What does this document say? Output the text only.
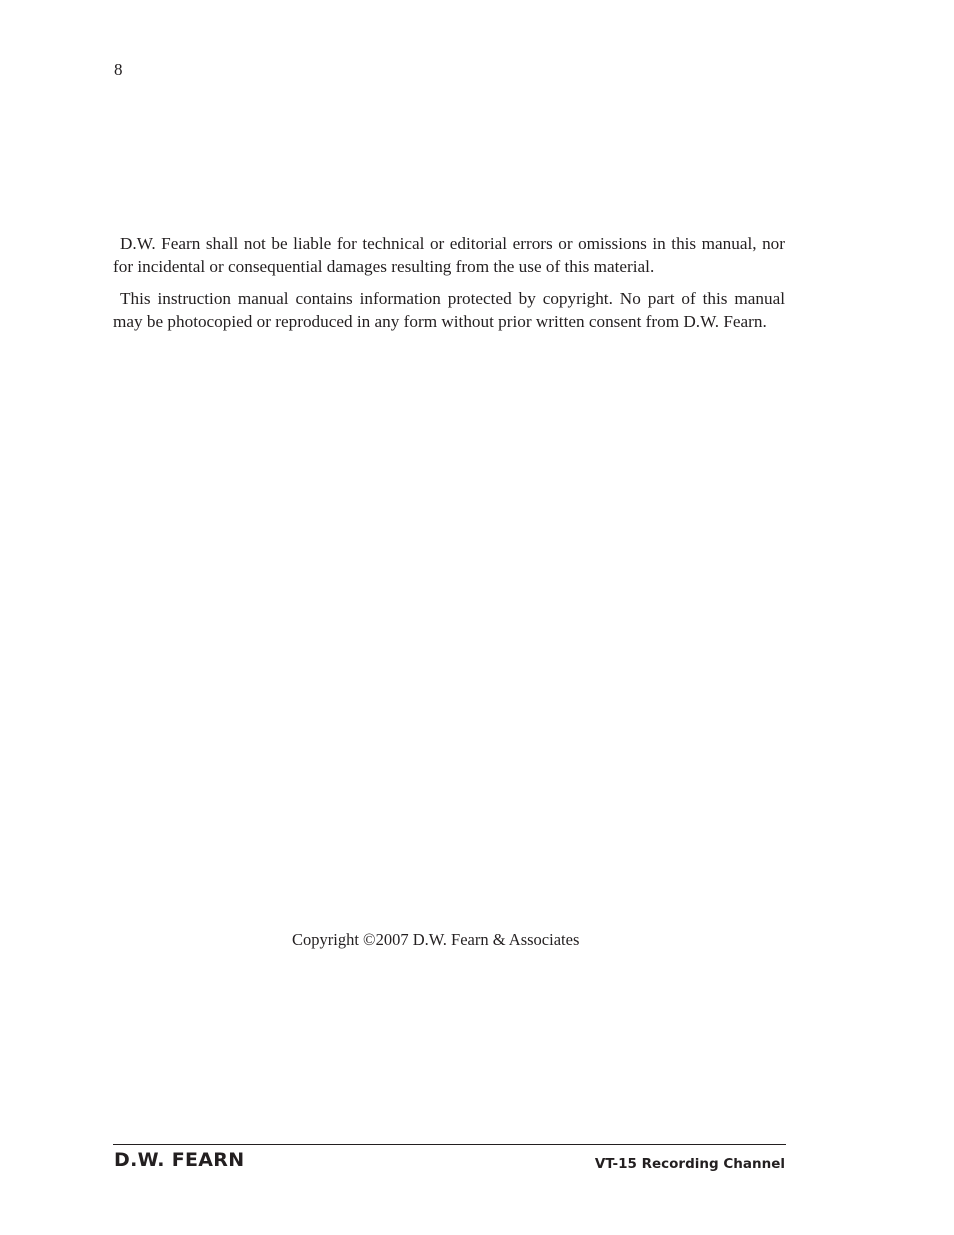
8

D.W. Fearn shall not be liable for technical or editorial errors or omissions in this manual, nor for incidental or consequential damages resulting from the use of this material.

This instruction manual contains information protected by copyright. No part of this manual may be photocopied or reproduced in any form without prior written consent from D.W. Fearn.

Copyright ©2007 D.W. Fearn & Associates
D.W. FEARN	VT-15 Recording Channel
